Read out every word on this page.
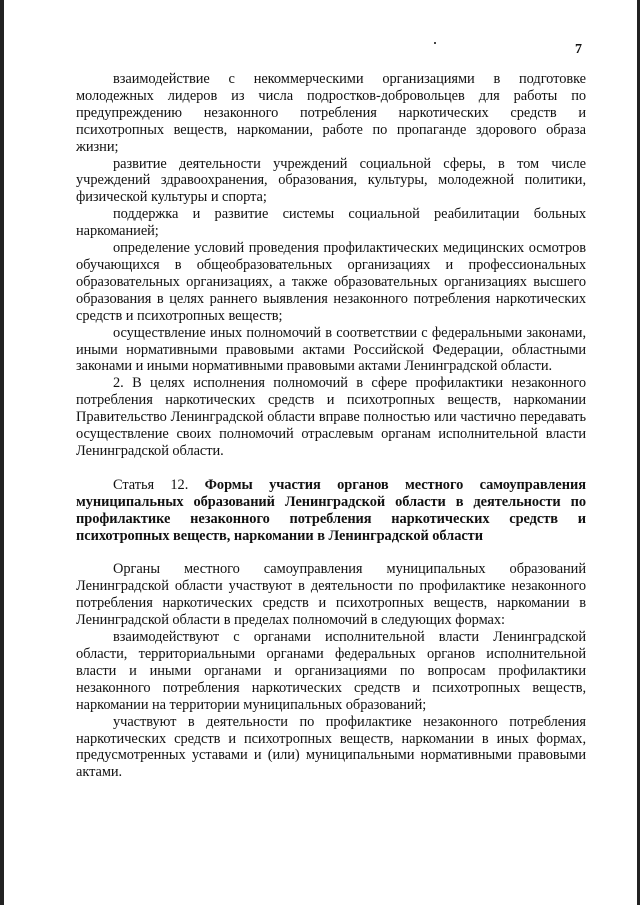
7

взаимодействие с некоммерческими организациями в подготовке молодежных лидеров из числа подростков-добровольцев для работы по предупреждению незаконного потребления наркотических средств и психотропных веществ, наркомании, работе по пропаганде здорового образа жизни;

развитие деятельности учреждений социальной сферы, в том числе учреждений здравоохранения, образования, культуры, молодежной политики, физической культуры и спорта;

поддержка и развитие системы социальной реабилитации больных наркоманией;

определение условий проведения профилактических медицинских осмотров обучающихся в общеобразовательных организациях и профессиональных образовательных организациях, а также образовательных организациях высшего образования в целях раннего выявления незаконного потребления наркотических средств и психотропных веществ;

осуществление иных полномочий в соответствии с федеральными законами, иными нормативными правовыми актами Российской Федерации, областными законами и иными нормативными правовыми актами Ленинградской области.

2. В целях исполнения полномочий в сфере профилактики незаконного потребления наркотических средств и психотропных веществ, наркомании Правительство Ленинградской области вправе полностью или частично передавать осуществление своих полномочий отраслевым органам исполнительной власти Ленинградской области.

Статья 12. Формы участия органов местного самоуправления муниципальных образований Ленинградской области в деятельности по профилактике незаконного потребления наркотических средств и психотропных веществ, наркомании в Ленинградской области

Органы местного самоуправления муниципальных образований Ленинградской области участвуют в деятельности по профилактике незаконного потребления наркотических средств и психотропных веществ, наркомании в Ленинградской области в пределах полномочий в следующих формах:

взаимодействуют с органами исполнительной власти Ленинградской области, территориальными органами федеральных органов исполнительной власти и иными органами и организациями по вопросам профилактики незаконного потребления наркотических средств и психотропных веществ, наркомании на территории муниципальных образований;

участвуют в деятельности по профилактике незаконного потребления наркотических средств и психотропных веществ, наркомании в иных формах, предусмотренных уставами и (или) муниципальными нормативными правовыми актами.
